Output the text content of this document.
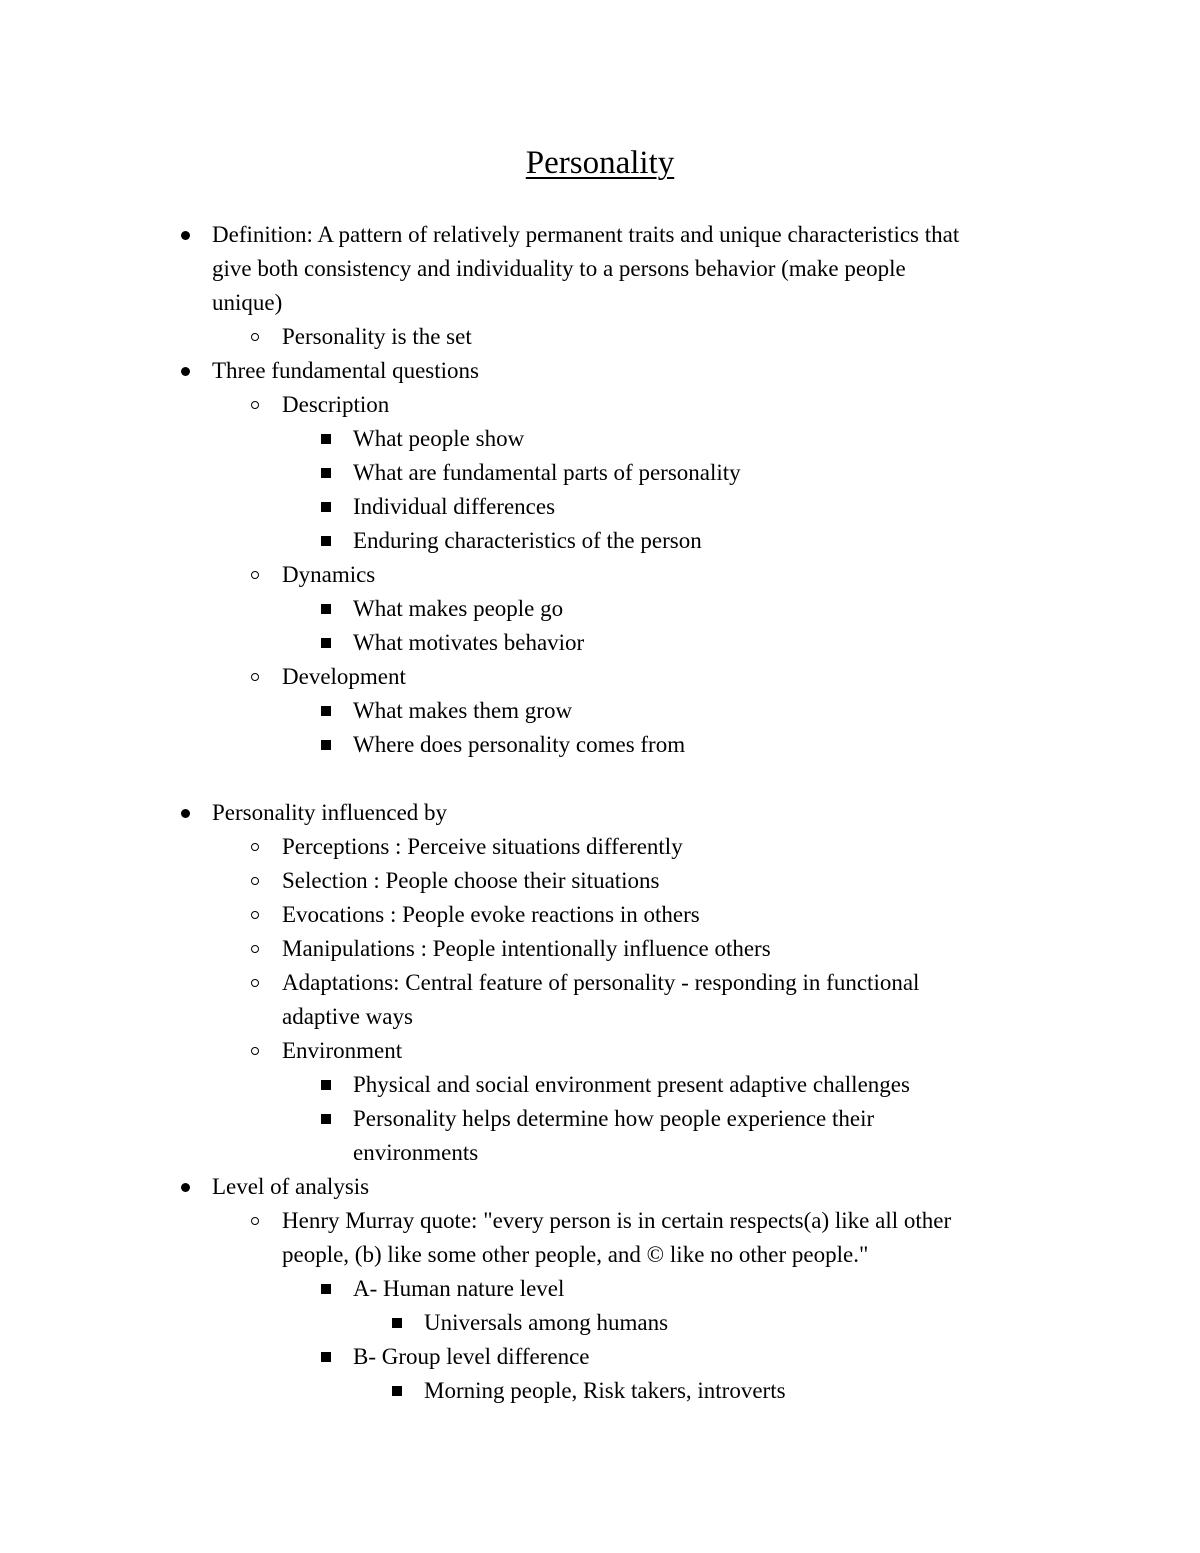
Personality
Definition: A pattern of relatively permanent traits and unique characteristics that
give both consistency and individuality to a persons behavior (make people
unique)
Personality is the set
Three fundamental questions
Description
What people show
What are fundamental parts of personality
Individual differences
Enduring characteristics of the person
Dynamics
What makes people go
What motivates behavior
Development
What makes them grow
Where does personality comes from
Personality influenced by
Perceptions : Perceive situations differently
Selection : People choose their situations
Evocations : People evoke reactions in others
Manipulations : People intentionally influence others
Adaptations: Central feature of personality - responding in functional
adaptive ways
Environment
Physical and social environment present adaptive challenges
Personality helps determine how people experience their
environments
Level of analysis
Henry Murray quote: "every person is in certain respects(a) like all other
people, (b) like some other people, and © like no other people."
A- Human nature level
Universals among humans
B- Group level difference
Morning people, Risk takers, introverts
